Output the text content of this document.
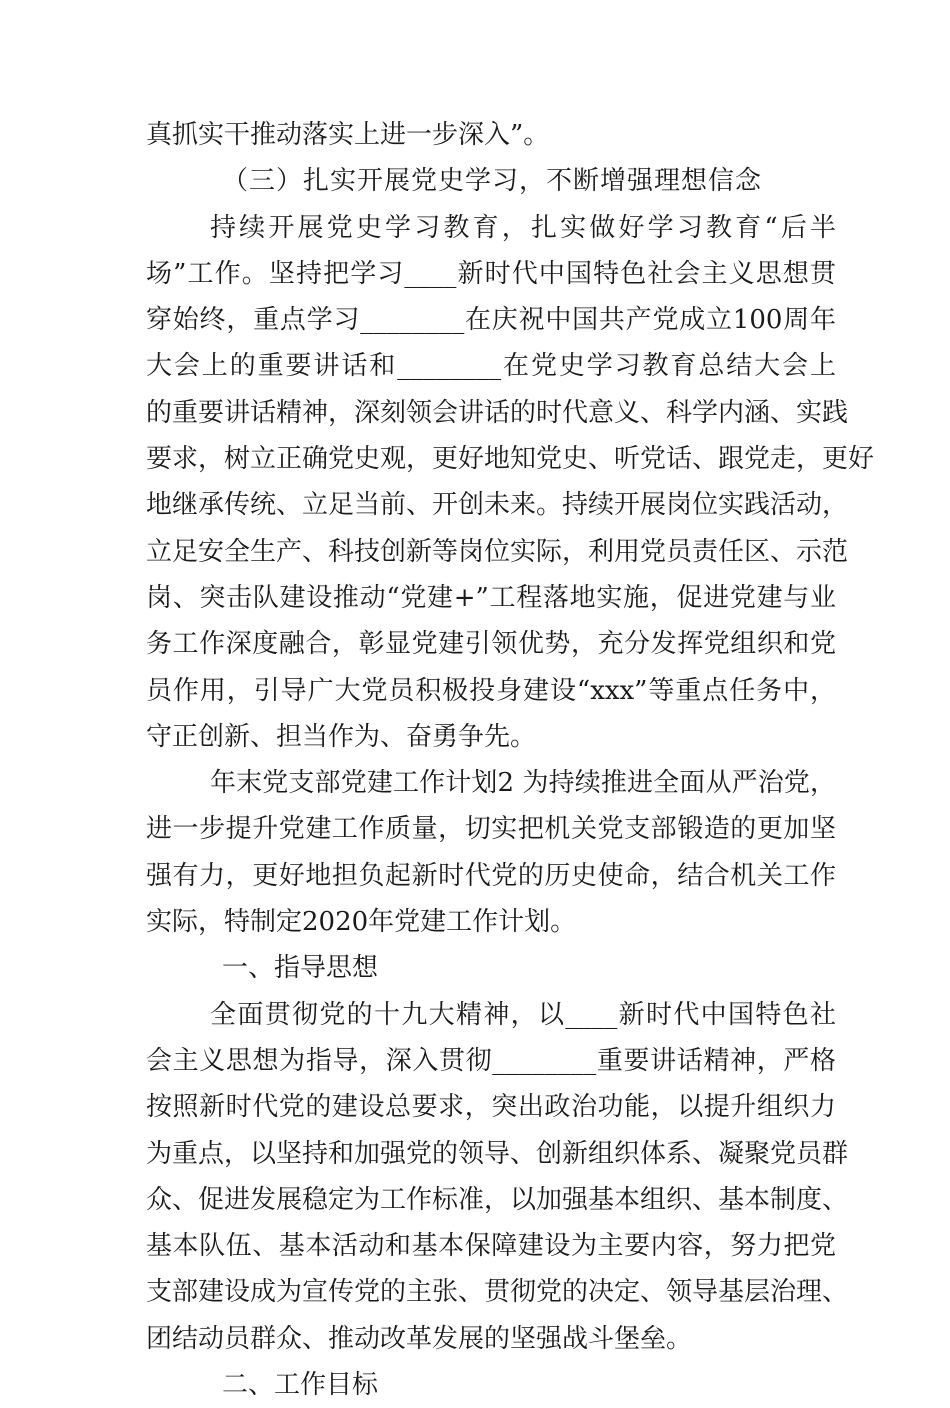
真抓实干推动落实上进一步深入”。
（三）扎实开展党史学习，不断增强理想信念
持续开展党史学习教育，扎实做好学习教育“后半
场”工作。坚持把学习____新时代中国特色社会主义思想贯
穿始终，重点学习________在庆祝中国共产党成立100周年
大会上的重要讲话和________在党史学习教育总结大会上
的重要讲话精神，深刻领会讲话的时代意义、科学内涵、实践
要求，树立正确党史观，更好地知党史、听党话、跟党走，更好
地继承传统、立足当前、开创未来。持续开展岗位实践活动，
立足安全生产、科技创新等岗位实际，利用党员责任区、示范
岗、突击队建设推动“党建+”工程落地实施，促进党建与业
务工作深度融合，彰显党建引领优势，充分发挥党组织和党
员作用，引导广大党员积极投身建设“xxx”等重点任务中，
守正创新、担当作为、奋勇争先。
年末党支部党建工作计划2 为持续推进全面从严治党，
进一步提升党建工作质量，切实把机关党支部锻造的更加坚
强有力，更好地担负起新时代党的历史使命，结合机关工作
实际，特制定2020年党建工作计划。
一、指导思想
全面贯彻党的十九大精神，以____新时代中国特色社
会主义思想为指导，深入贯彻________重要讲话精神，严格
按照新时代党的建设总要求，突出政治功能，以提升组织力
为重点，以坚持和加强党的领导、创新组织体系、凝聚党员群
众、促进发展稳定为工作标准，以加强基本组织、基本制度、
基本队伍、基本活动和基本保障建设为主要内容，努力把党
支部建设成为宣传党的主张、贯彻党的决定、领导基层治理、
团结动员群众、推动改革发展的坚强战斗堡垒。
二、工作目标
